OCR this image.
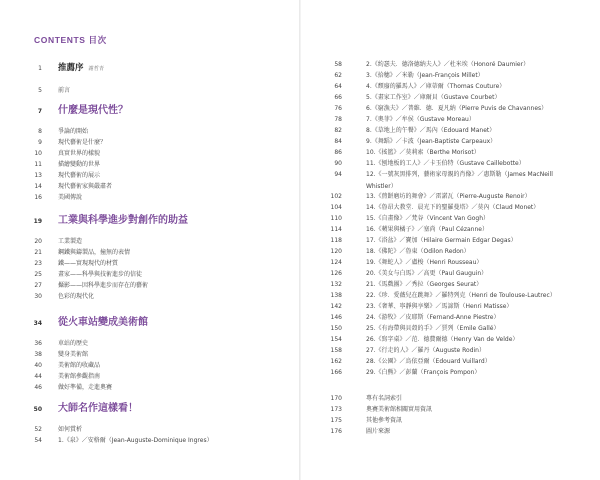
CONTENTS 目次
1 推薦序 謝哲青
5	前言
7 什麼是現代性？
8	爭論的開始
9	現代藝術是什麼？
10	真實世界的樣貌
11	描繪變動的世界
13	現代藝術的展示
14	現代藝術家與嚴肅者
16	美國傳說
19 工業與科學進步對創作的助益
20	工業製造
21	鋼鐵與鑄製品，撞無的表情
23	鐵——實現現代的材質
25	畫家——科學與技術進步的信徒
27	攝影——因科學進步而存在的藝術
30	色彩的現代化
34 從火車站變成美術館
36	車站的歷史
38	變身美術館
40	美術館的收藏品
44	美術館參觀指南
46	做好準備，走進奧賽
50 大師名作這樣看！
52	如何賞析
54	1.《泉》／安格爾（Jean-Auguste-Dominique Ingres）
58	2.《約瑟夫．德洛德納夫人》／杜米埃（Honoré Daumier）
62	3.《拾穗》／米勒（Jean-François Millet）
64	4.《頹廢的羅馬人》／庫蒂爾（Thomas Couture）
66	5.《畫家工作室》／庫爾貝（Gustave Courbet）
76	6.《窮漁夫》／普維．德．夏凡納（Pierre Puvis de Chavannes）
78	7.《奧菲》／牟侯（Gustave Moreau）
82	8.《草地上的午餐》／馬內（Edouard Manet）
84	9.《舞蹈》／卡波（Jean-Baptiste Carpeaux）
86	10.《搖籃》／莫莉索（Berthe Morisot）
90	11.《刨地板的工人》／卡玉伯特（Gustave Caillebotte）
94	12.《一號灰黑排列，藝術家母親的肖像》／惠斯勒（James MacNeill
Whistler）
102	13.《煎餅磨坊的舞會》／雷諾瓦（Pierre-Auguste Renoir）
104	14.《魯昂大教堂．晨光下的聖羅曼塔》／莫內（Claud Monet）
110	15.《自畫像》／梵谷（Vincent Van Gogh）
114	16.《蘋果與橘子》／塞尚（Paul Cézanne）
118	17.《浴盆》／寶加（Hilaire Germain Edgar Degas）
120	18.《佛陀》／魯東（Odilon Redon）
124	19.《舞蛇人》／盧梭（Henri Rousseau）
126	20.《美女与白馬》／高更（Paul Gauguin）
132	21.《馬戲團》／秀拉（Georges Seurat）
138	22.《珍．愛薇兒在跳舞》／羅特列克（Henri de Toulouse-Lautrec）
142	23.《奢華、寧靜與享樂》／馬諦斯（Henri Matisse）
146	24.《游牧》／皮耶斯（Fernand-Anne Piestre）
150	25.《有海帶與貝殼的手》／賈列（Emile Gallé）
154	26.《寫字桌》／范．德費爾德（Henry Van de Velde）
158	27.《行走的人》／羅丹（Auguste Rodin）
162	28.《公園》／烏依亞爾（Edouard Vuillard）
166	29.《白熊》／彭蘭（François Pompon）
170	專有名詞索引
173	奧賽美術館相關實用資訊
175	其他參考資訊
176	圖片來源
